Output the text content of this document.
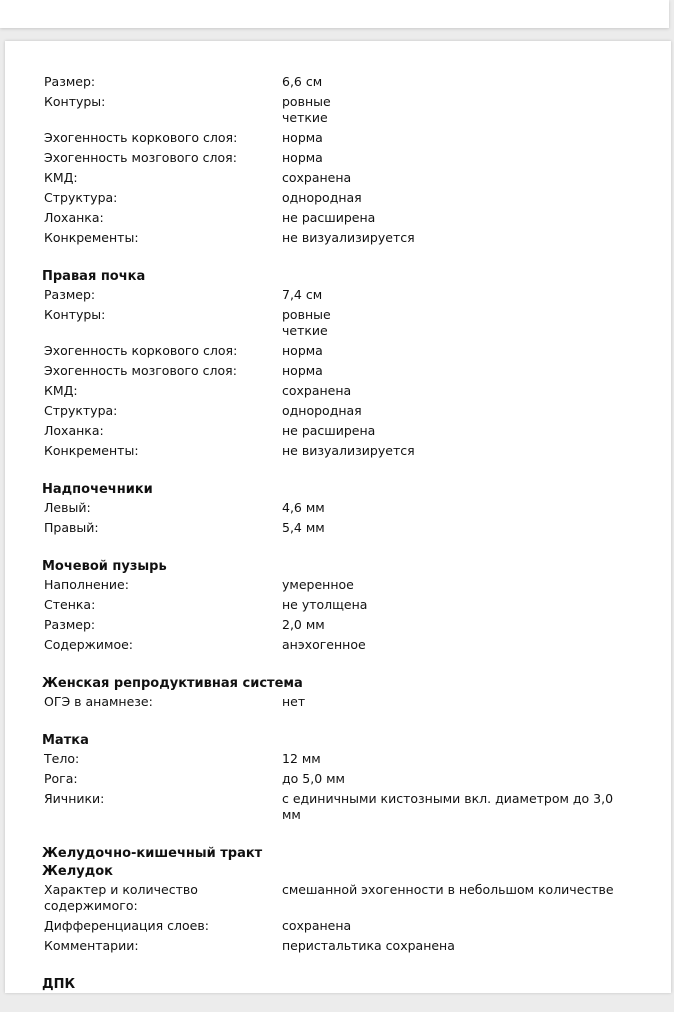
Размер:	6,6 см
Контуры:	ровные
четкие
Эхогенность коркового слоя:	норма
Эхогенность мозгового слоя:	норма
КМД:	сохранена
Структура:	однородная
Лоханка:	не расширена
Конкременты:	не визуализируется
Правая почка
Размер:	7,4 см
Контуры:	ровные
четкие
Эхогенность коркового слоя:	норма
Эхогенность мозгового слоя:	норма
КМД:	сохранена
Структура:	однородная
Лоханка:	не расширена
Конкременты:	не визуализируется
Надпочечники
Левый:	4,6 мм
Правый:	5,4 мм
Мочевой пузырь
Наполнение:	умеренное
Стенка:	не утолщена
Размер:	2,0 мм
Содержимое:	анэхогенное
Женская репродуктивная система
ОГЭ в анамнезе:	нет
Матка
Тело:	12 мм
Рога:	до 5,0 мм
Яичники:	с единичными кистозными вкл. диаметром до 3,0
мм
Желудочно-кишечный тракт
Желудок
Характер и количество
содержимого:
смешанной эхогенности в небольшом количестве
Дифференциация слоев:	сохранена
Комментарии:	перистальтика сохранена
ДПК
